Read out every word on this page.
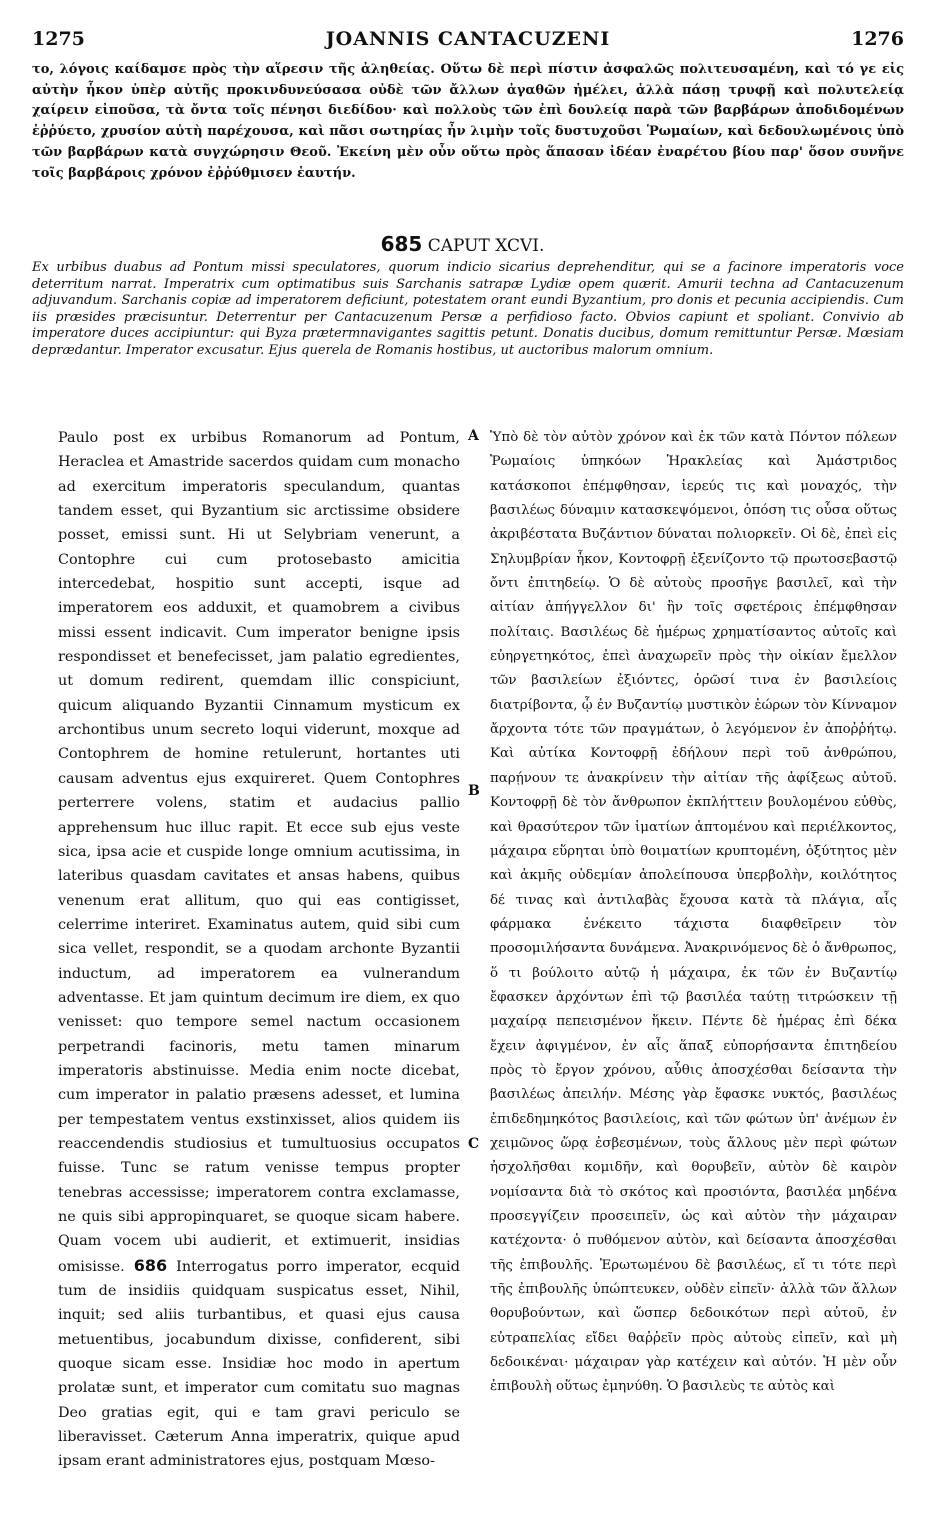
1275	JOANNIS CANTACUZENI	1276

το, λόγοις καίδαμσε πρὸς τὴν αἵρεσιν τῆς ἀληθείας. Οὕτω δὲ περὶ πίστιν ἀσφαλῶς πολιτευσαμένη, καὶ τό γε εἰς αὐτὴν ἧκον ὑπὲρ αὐτῆς προκινδυνεύσασα οὐδὲ τῶν ἄλλων ἀγαθῶν ἠμέλει, ἀλλὰ πάσῃ τρυφῇ καὶ πολυτελείᾳ χαίρειν εἰποῦσα, τὰ ὄντα τοῖς πένησι διεδίδου· καὶ πολλοὺς τῶν ἐπὶ δουλείᾳ παρὰ τῶν βαρβάρων ἀποδιδομένων ἐῤῥύετο, χρυσίον αὐτὴ παρέχουσα, καὶ πᾶσι σωτηρίας ἦν λιμὴν τοῖς δυστυχοῦσι Ῥωμαίων, καὶ δεδουλωμένοις ὑπὸ τῶν βαρβάρων κατὰ συγχώρησιν Θεοῦ. Ἐκείνη μὲν οὖν οὕτω πρὸς ἅπασαν ἰδέαν ἐναρέτου βίου παρ' ὅσον συνῆνε τοῖς βαρβάροις χρόνον ἐῤῥύθμισεν ἑαυτήν.

685 CAPUT XCVI.

Ex urbibus duabus ad Pontum missi speculatores, quorum indicio sicarius deprehenditur, qui se a facinore imperatoris voce deterritum narrat. Imperatrix cum optimatibus suis Sarchanis satrapæ Lydiæ opem quærit. Amurii techna ad Cantacuzenum adjuvandum. Sarchanis copiæ ad imperatorem deficiunt, potestatem orant eundi Byzantium, pro donis et pecunia accipiendis. Cum iis præsides præcisuntur. Deterrentur per Cantacuzenum Persæ a perfidioso facto. Obvios capiunt et spoliant. Convivio ab imperatore duces accipiuntur: qui Byza prætermnavigantes sagittis petunt. Donatis ducibus, domum remittuntur Persæ. Mœsiam deprædantur. Imperator excusatur. Ejus querela de Romanis hostibus, ut auctoribus malorum omnium.

Paulo post ex urbibus Romanorum ad Pontum, Heraclea et Amastride sacerdos quidam cum monacho ad exercitum imperatoris speculandum, quantas tandem esset, qui Byzantium sic arctissime obsidere posset, emissi sunt. Hi ut Selybriam venerunt, a Contophre cui cum protosebasto amicitia intercedebat, hospitio sunt accepti, isque ad imperatorem eos adduxit, et quamobrem a civibus missi essent indicavit. Cum imperator benigne ipsis respondisset et benefecisset, jam palatio egredientes, ut domum redirent, quemdam illic conspiciunt, quicum aliquando Byzantii Cinnamum mysticum ex archontibus unum secreto loqui viderunt, moxque ad Contophrem de homine retulerunt, hortantes uti causam adventus ejus exquireret. Quem Contophres perterrere volens, statim et audacius pallio apprehensum huc illuc rapit. Et ecce sub ejus veste sica, ipsa acie et cuspide longe omnium acutissima, in lateribus quasdam cavitates et ansas habens, quibus venenum erat allitum, quo qui eas contigisset, celerrime interiret. Examinatus autem, quid sibi cum sica vellet, respondit, se a quodam archonte Byzantii inductum, ad imperatorem ea vulnerandum adventasse. Et jam quintum decimum ire diem, ex quo venisset: quo tempore semel nactum occasionem perpetrandi facinoris, metu tamen minarum imperatoris abstinuisse. Media enim nocte dicebat, cum imperator in palatio præsens adesset, et lumina per tempestatem ventus exstinxisset, alios quidem iis reaccendendis studiosius et tumultuosius occupatos fuisse. Tunc se ratum venisse tempus propter tenebras accessisse; imperatorem contra exclamasse, ne quis sibi appropinquaret, se quoque sicam habere. Quam vocem ubi audierit, et extimuerit, insidias omisisse. 686 Interrogatus porro imperator, ecquid tum de insidiis quidquam suspicatus esset, Nihil, inquit; sed aliis turbantibus, et quasi ejus causa metuentibus, jocabundum dixisse, confiderent, sibi quoque sicam esse. Insidiæ hoc modo in apertum prolatæ sunt, et imperator cum comitatu suo magnas Deo gratias egit, qui e tam gravi periculo se liberavisset. Cæterum Anna imperatrix, quique apud ipsam erant administratores ejus, postquam Mœso-

A
B
C

Ὑπὸ δὲ τὸν αὐτὸν χρόνον καὶ ἐκ τῶν κατὰ Πόντον πόλεων Ῥωμαίοις ὑπηκόων Ἡρακλείας καὶ Ἀμάστριδος κατάσκοποι ἐπέμφθησαν, ἱερεύς τις καὶ μοναχός, τὴν βασιλέως δύναμιν κατασκεψόμενοι, ὁπόση τις οὖσα οὕτως ἀκριβέστατα Βυζάντιον δύναται πολιορκεῖν. Οἱ δὲ, ἐπεὶ εἰς Σηλυμβρίαν ἧκον, Κοντοφρῇ ἐξενίζοντο τῷ πρωτοσεβαστῷ ὄντι ἐπιτηδείῳ. Ὁ δὲ αὐτοὺς προσῆγε βασιλεῖ, καὶ τὴν αἰτίαν ἀπήγγελλον δι' ἣν τοῖς σφετέροις ἐπέμφθησαν πολίταις. Βασιλέως δὲ ἡμέρως χρηματίσαντος αὐτοῖς καὶ εὐηργετηκότος, ἐπεὶ ἀναχωρεῖν πρὸς τὴν οἰκίαν ἔμελλον τῶν βασιλείων ἐξιόντες, ὁρῶσί τινα ἐν βασιλείοις διατρίβοντα, ᾧ ἐν Βυζαντίῳ μυστικὸν ἑώρων τὸν Κίνναμον ἄρχοντα τότε τῶν πραγμάτων, ὁ λεγόμενον ἐν ἀποῤῥήτῳ. Καὶ αὐτίκα Κοντοφρῇ ἐδήλουν περὶ τοῦ ἀνθρώπου, παρῄνουν τε ἀνακρίνειν τὴν αἰτίαν τῆς ἀφίξεως αὐτοῦ. Κοντοφρῇ δὲ τὸν ἄνθρωπον ἐκπλήττειν βουλομένου εὐθὺς, καὶ θρασύτερον τῶν ἱματίων ἁπτομένου καὶ περιέλκοντος, μάχαιρα εὕρηται ὑπὸ θοιματίων κρυπτομένη, ὀξύτητος μὲν καὶ ἀκμῆς οὐδεμίαν ἀπολείπουσα ὑπερβολὴν, κοιλότητος δέ τινας καὶ ἀντιλαβὰς ἔχουσα κατὰ τὰ πλάγια, αἷς φάρμακα ἐνέκειτο τάχιστα διαφθεῖρειν τὸν προσομιλήσαντα δυνάμενα. Ἀνακρινόμενος δὲ ὁ ἄνθρωπος, ὅ τι βούλοιτο αὐτῷ ἡ μάχαιρα, ἐκ τῶν ἐν Βυζαντίῳ ἔφασκεν ἀρχόντων ἐπὶ τῷ βασιλέα ταύτῃ τιτρώσκειν τῇ μαχαίρᾳ πεπεισμένον ἥκειν. Πέντε δὲ ἡμέρας ἐπὶ δέκα ἔχειν ἀφιγμένον, ἐν αἷς ἅπαξ εὐπορήσαντα ἐπιτηδείου πρὸς τὸ ἔργον χρόνου, αὖθις ἀποσχέσθαι δείσαντα τὴν βασιλέως ἀπειλήν. Μέσης γὰρ ἔφασκε νυκτός, βασιλέως ἐπιδεδημηκότος βασιλείοις, καὶ τῶν φώτων ὑπ' ἀνέμων ἐν χειμῶνος ὥρᾳ ἐσβεσμένων, τοὺς ἄλλους μὲν περὶ φώτων ἠσχολῆσθαι κομιδῆν, καὶ θορυβεῖν, αὐτὸν δὲ καιρὸν νομίσαντα διὰ τὸ σκότος καὶ προσιόντα, βασιλέα μηδένα προσεγγίζειν προσειπεῖν, ὡς καὶ αὐτὸν τὴν μάχαιραν κατέχοντα· ὁ πυθόμενον αὐτὸν, καὶ δείσαντα ἀποσχέσθαι τῆς ἐπιβουλῆς. Ἐρωτωμένου δὲ βασιλέως, εἴ τι τότε περὶ τῆς ἐπιβουλῆς ὑπώπτευκεν, οὐδὲν εἰπεῖν· ἀλλὰ τῶν ἄλλων θορυβούντων, καὶ ὥσπερ δεδοικότων περὶ αὐτοῦ, ἐν εὐτραπελίας εἴδει θαῤῥεῖν πρὸς αὐτοὺς εἰπεῖν, καὶ μὴ δεδοικέναι· μάχαιραν γὰρ κατέχειν καὶ αὐτόν. Ἡ μὲν οὖν ἐπιβουλὴ οὕτως ἐμηνύθη. Ὁ βασιλεὺς τε αὐτὸς καὶ
